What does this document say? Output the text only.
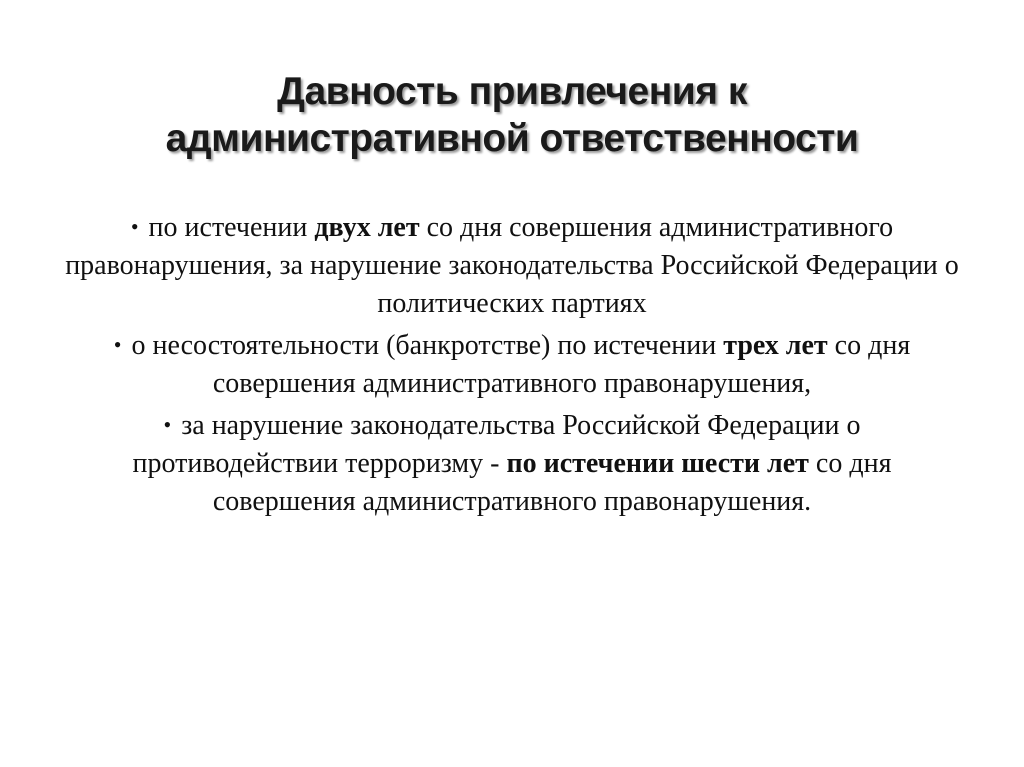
Давность привлечения к
административной ответственности
• по истечении двух лет со дня совершения административного правонарушения, за нарушение законодательства Российской Федерации о политических партиях
• о несостоятельности (банкротстве) по истечении трех лет со дня совершения административного правонарушения,
• за нарушение законодательства Российской Федерации о противодействии терроризму - по истечении шести лет со дня совершения административного правонарушения.
